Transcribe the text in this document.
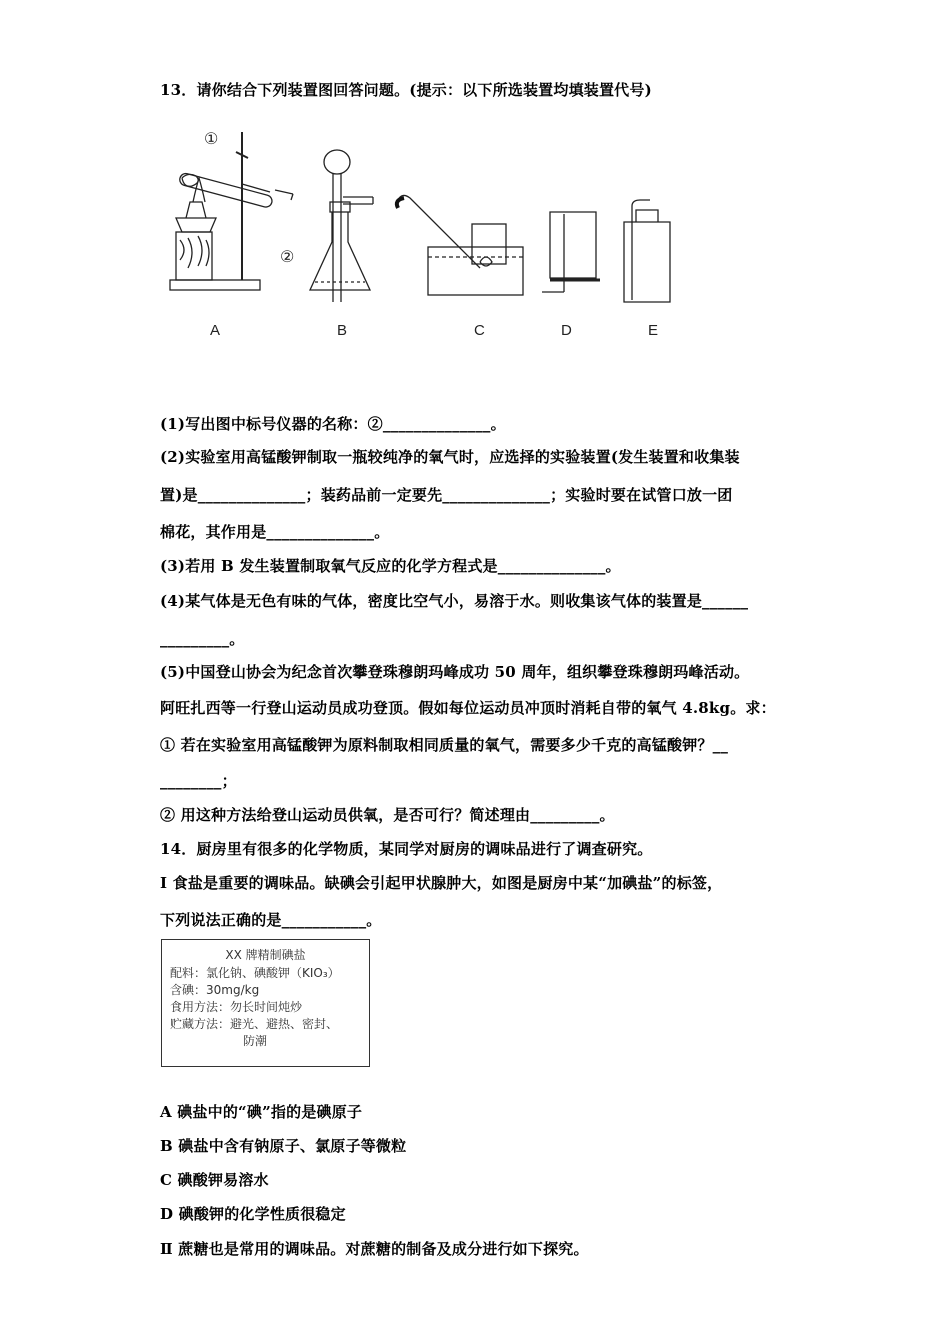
13．请你结合下列装置图回答问题。(提示：以下所选装置均填装置代号)
①
②
A	B	C	D	E
(1)写出图中标号仪器的名称：②______________。
(2)实验室用高锰酸钾制取一瓶较纯净的氧气时，应选择的实验装置(发生装置和收集装
置)是______________；装药品前一定要先______________；实验时要在试管口放一团
棉花，其作用是______________。
(3)若用 B 发生装置制取氧气反应的化学方程式是______________。
(4)某气体是无色有味的气体，密度比空气小，易溶于水。则收集该气体的装置是______
_________。
(5)中国登山协会为纪念首次攀登珠穆朗玛峰成功 50 周年，组织攀登珠穆朗玛峰活动。
阿旺扎西等一行登山运动员成功登顶。假如每位运动员冲顶时消耗自带的氧气 4.8kg。求：
① 若在实验室用高锰酸钾为原料制取相同质量的氧气，需要多少千克的高锰酸钾？__
________；
② 用这种方法给登山运动员供氧，是否可行？简述理由_________。
14．厨房里有很多的化学物质，某同学对厨房的调味品进行了调查研究。
Ⅰ 食盐是重要的调味品。缺碘会引起甲状腺肿大，如图是厨房中某“加碘盐”的标签，
下列说法正确的是___________。
XX 牌精制碘盐
配料：氯化钠、碘酸钾（KIO₃）
含碘：30mg/kg
食用方法：勿长时间炖炒
贮藏方法：避光、避热、密封、
防潮
A 碘盐中的“碘”指的是碘原子
B 碘盐中含有钠原子、氯原子等微粒
C 碘酸钾易溶水
D 碘酸钾的化学性质很稳定
Ⅱ 蔗糖也是常用的调味品。对蔗糖的制备及成分进行如下探究。
